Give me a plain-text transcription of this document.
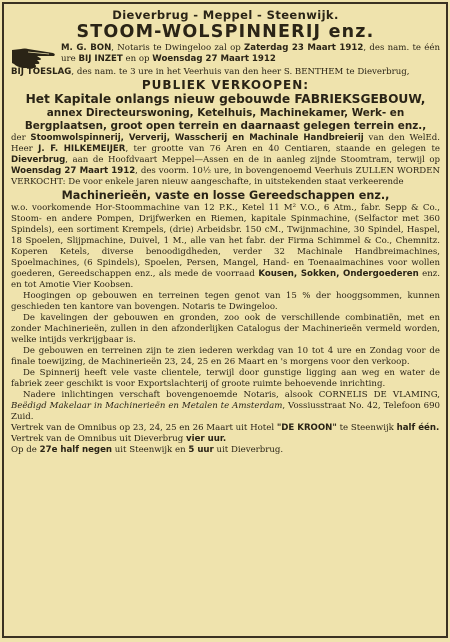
Dieverbrug - Meppel - Steenwijk.
STOOM-WOLSPINNERIJ enz.

M. G. BON, Notaris te Dwingeloo zal op Zaterdag 23 Maart 1912, des nam. te één ure BIJ INZET en op Woensdag 27 Maart 1912

BIJ TOESLAG, des nam. te 3 ure in het Veerhuis van den heer S. BENTHEM te Dieverbrug,

PUBLIEK VERKOOPEN:
Het Kapitale onlangs nieuw gebouwde FABRIEKSGEBOUW,
annex Directeurswoning, Ketelhuis, Machinekamer, Werk- en Bergplaatsen, groot open terrein en daarnaast gelegen terrein enz.,

der Stoomwolspinnerij, Ververij, Wasscherij en Machinale Handbreierij van den WelEd. Heer J. F. HILKEMEIJER, ter grootte van 76 Aren en 40 Centiaren, staande en gelegen te Dieverbrug, aan de Hoofdvaart Meppel—Assen en de in aanleg zijnde Stoomtram, terwijl op Woensdag 27 Maart 1912, des voorm. 10½ ure, in bovengenoemd Veerhuis ZULLEN WORDEN VERKOCHT: De voor enkele jaren nieuw aangeschafte, in uitstekenden staat verkeerende

Machinerieën, vaste en losse Gereedschappen enz.,

w.o. voorkomende Hor-Stoommachine van 12 P.K., Ketel 11 M² V.O., 6 Atm., fabr. Sepp & Co., Stoom- en andere Pompen, Drijfwerken en Riemen, kapitale Spinmachine, (Selfactor met 360 Spindels), een sortiment Krempels, (drie) Arbeidsbr. 150 cM., Twijnmachine, 30 Spindel, Haspel, 18 Spoelen, Slijpmachine, Duivel, 1 M., alle van het fabr. der Firma Schimmel & Co., Chemnitz. Koperen Ketels, diverse benoodigdheden, verder 32 Machinale Handbreimachines, Spoelmachines, (6 Spindels), Spoelen, Persen, Mangel, Hand- en Toenaaimachines voor wollen goederen, Gereedschappen enz., als mede de voorraad Kousen, Sokken, Ondergoederen enz. en tot Amotie Vier Koobsen.

Hoogingen op gebouwen en terreinen tegen genot van 15 % der hooggsommen, kunnen geschieden ten kantore van bovengen. Notaris te Dwingeloo.

De kavelingen der gebouwen en gronden, zoo ook de verschillende combinatiën, met en zonder Machinerieën, zullen in den afzonderlijken Catalogus der Machinerieën vermeld worden, welke intijds verkrijgbaar is.

De gebouwen en terreinen zijn te zien iederen werkdag van 10 tot 4 ure en Zondag voor de finale toewijzing, de Machinerieën 23, 24, 25 en 26 Maart en 's morgens voor den verkoop.

De Spinnerij heeft vele vaste clientele, terwijl door gunstige ligging aan weg en water de fabriek zeer geschikt is voor Exportslachterij of groote ruimte behoevende inrichting.

Nadere inlichtingen verschaft bovengenoemde Notaris, alsook CORNELIS DE VLAMING, Beëdigd Makelaar in Machinerieën en Metalen te Amsterdam, Vossiusstraat No. 42, Telefoon 690 Zuid.

Vertrek van de Omnibus op 23, 24, 25 en 26 Maart uit Hotel "DE KROON" te Steenwijk half één.

Vertrek van de Omnibus uit Dieverbrug vier uur.

Op de 27e half negen uit Steenwijk en 5 uur uit Dieverbrug.
